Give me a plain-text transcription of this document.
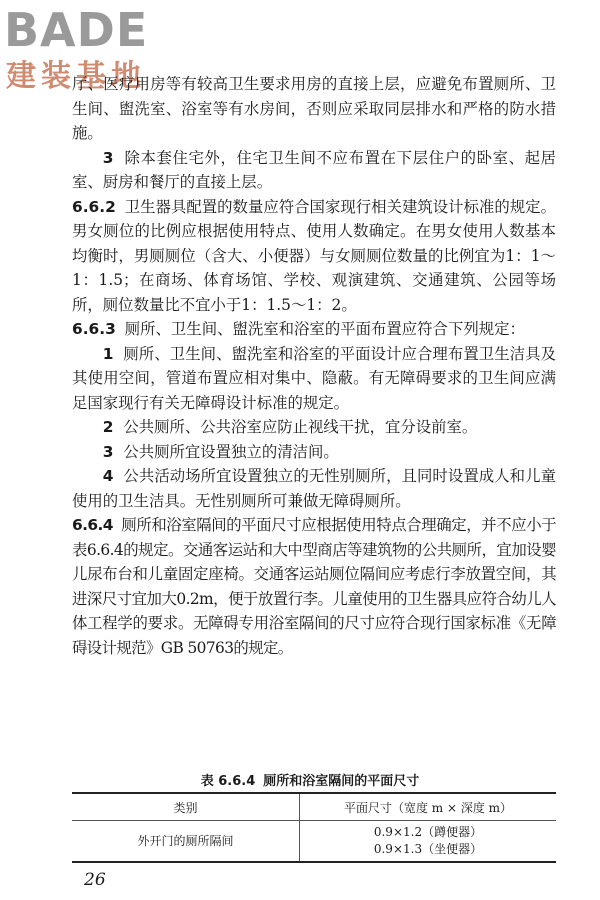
BADE
建装基地

厅、医疗用房等有较高卫生要求用房的直接上层，应避免布置厕所、卫生间、盥洗室、浴室等有水房间，否则应采取同层排水和严格的防水措施。

3 除本套住宅外，住宅卫生间不应布置在下层住户的卧室、起居室、厨房和餐厅的直接上层。

6.6.2 卫生器具配置的数量应符合国家现行相关建筑设计标准的规定。男女厕位的比例应根据使用特点、使用人数确定。在男女使用人数基本均衡时，男厕厕位（含大、小便器）与女厕厕位数量的比例宜为1：1～1：1.5；在商场、体育场馆、学校、观演建筑、交通建筑、公园等场所，厕位数量比不宜小于1：1.5～1：2。

6.6.3 厕所、卫生间、盥洗室和浴室的平面布置应符合下列规定：

1 厕所、卫生间、盥洗室和浴室的平面设计应合理布置卫生洁具及其使用空间，管道布置应相对集中、隐蔽。有无障碍要求的卫生间应满足国家现行有关无障碍设计标准的规定。

2 公共厕所、公共浴室应防止视线干扰，宜分设前室。

3 公共厕所宜设置独立的清洁间。

4 公共活动场所宜设置独立的无性别厕所，且同时设置成人和儿童使用的卫生洁具。无性别厕所可兼做无障碍厕所。

6.6.4 厕所和浴室隔间的平面尺寸应根据使用特点合理确定，并不应小于表6.6.4的规定。交通客运站和大中型商店等建筑物的公共厕所，宜加设婴儿尿布台和儿童固定座椅。交通客运站厕位隔间应考虑行李放置空间，其进深尺寸宜加大0.2m，便于放置行李。儿童使用的卫生器具应符合幼儿人体工程学的要求。无障碍专用浴室隔间的尺寸应符合现行国家标准《无障碍设计规范》GB 50763的规定。

表 6.6.4 厕所和浴室隔间的平面尺寸
类别	平面尺寸（宽度 m × 深度 m）
外开门的厕所隔间	0.9×1.2（蹲便器）
0.9×1.3（坐便器）
26
